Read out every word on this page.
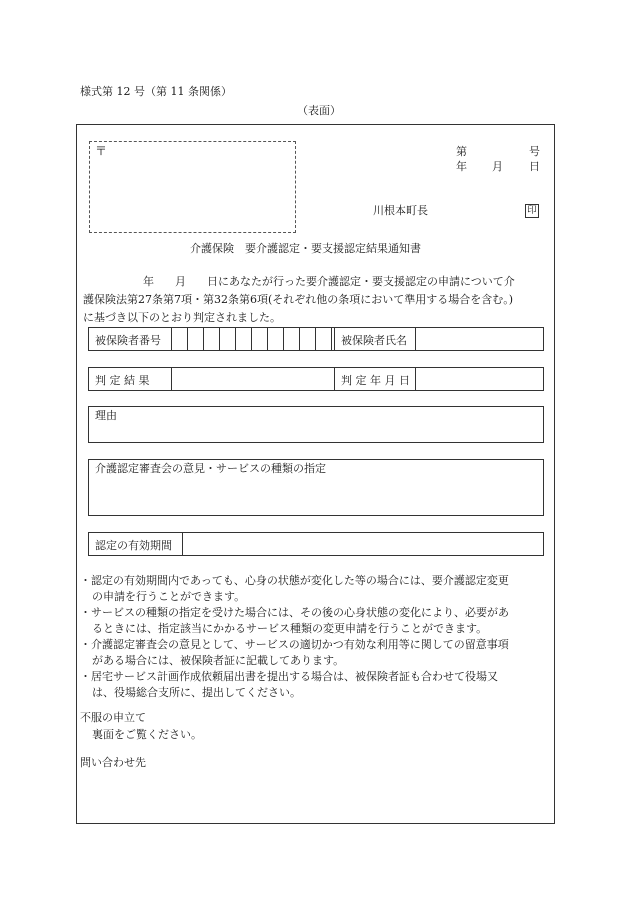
様式第 12 号（第 11 条関係）
（表面）
〒	第	号
年 月 日
川根本町長	印
介護保険　要介護認定・要支援認定結果通知書
年 月 日にあなたが行った要介護認定・要支援認定の申請について介
護保険法第27条第7項・第32条第6項(それぞれ他の条項において準用する場合を含む。)
に基づき以下のとおり判定されました。
被保険者番号	被保険者氏名
判 定 結 果	判 定 年 月 日
理由
介護認定審査会の意見・サービスの種類の指定
認定の有効期間
・認定の有効期間内であっても、心身の状態が変化した等の場合には、要介護認定変更
の申請を行うことができます。
・サービスの種類の指定を受けた場合には、その後の心身状態の変化により、必要があ
るときには、指定該当にかかるサービス種類の変更申請を行うことができます。
・介護認定審査会の意見として、サービスの適切かつ有効な利用等に関しての留意事項
がある場合には、被保険者証に記載してあります。
・居宅サービス計画作成依頼届出書を提出する場合は、被保険者証も合わせて役場又
は、役場総合支所に、提出してください。
不服の申立て
裏面をご覧ください。
問い合わせ先
